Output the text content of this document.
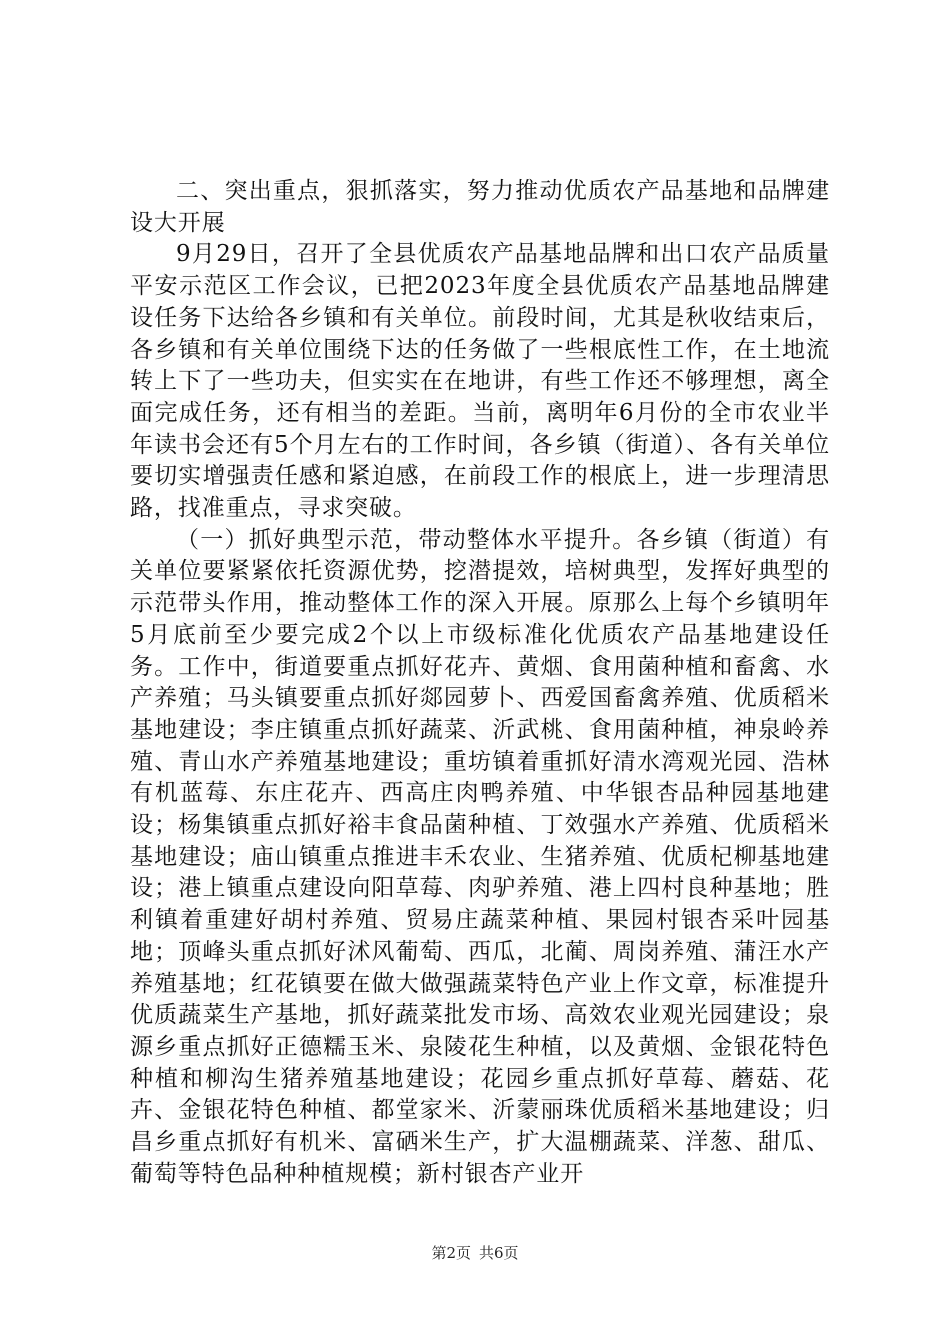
二、突出重点，狠抓落实，努力推动优质农产品基地和品牌建设大开展

9月29日，召开了全县优质农产品基地品牌和出口农产品质量平安示范区工作会议，已把2023年度全县优质农产品基地品牌建设任务下达给各乡镇和有关单位。前段时间，尤其是秋收结束后，各乡镇和有关单位围绕下达的任务做了一些根底性工作，在土地流转上下了一些功夫，但实实在在地讲，有些工作还不够理想，离全面完成任务，还有相当的差距。当前，离明年6月份的全市农业半年读书会还有5个月左右的工作时间，各乡镇（街道）、各有关单位要切实增强责任感和紧迫感，在前段工作的根底上，进一步理清思路，找准重点，寻求突破。

（一）抓好典型示范，带动整体水平提升。各乡镇（街道）有关单位要紧紧依托资源优势，挖潜提效，培树典型，发挥好典型的示范带头作用，推动整体工作的深入开展。原那么上每个乡镇明年5月底前至少要完成2个以上市级标准化优质农产品基地建设任务。工作中，街道要重点抓好花卉、黄烟、食用菌种植和畜禽、水产养殖；马头镇要重点抓好郯园萝卜、西爱国畜禽养殖、优质稻米基地建设；李庄镇重点抓好蔬菜、沂武桃、食用菌种植，神泉岭养殖、青山水产养殖基地建设；重坊镇着重抓好清水湾观光园、浩林有机蓝莓、东庄花卉、西高庄肉鸭养殖、中华银杏品种园基地建设；杨集镇重点抓好裕丰食品菌种植、丁效强水产养殖、优质稻米基地建设；庙山镇重点推进丰禾农业、生猪养殖、优质杞柳基地建设；港上镇重点建设向阳草莓、肉驴养殖、港上四村良种基地；胜利镇着重建好胡村养殖、贸易庄蔬菜种植、果园村银杏采叶园基地；顶峰头重点抓好沭风葡萄、西瓜，北蔺、周岗养殖、蒲汪水产养殖基地；红花镇要在做大做强蔬菜特色产业上作文章，标准提升优质蔬菜生产基地，抓好蔬菜批发市场、高效农业观光园建设；泉源乡重点抓好正德糯玉米、泉陵花生种植，以及黄烟、金银花特色种植和柳沟生猪养殖基地建设；花园乡重点抓好草莓、蘑菇、花卉、金银花特色种植、都堂家米、沂蒙丽珠优质稻米基地建设；归昌乡重点抓好有机米、富硒米生产，扩大温棚蔬菜、洋葱、甜瓜、葡萄等特色品种种植规模；新村银杏产业开

第2页 共6页
